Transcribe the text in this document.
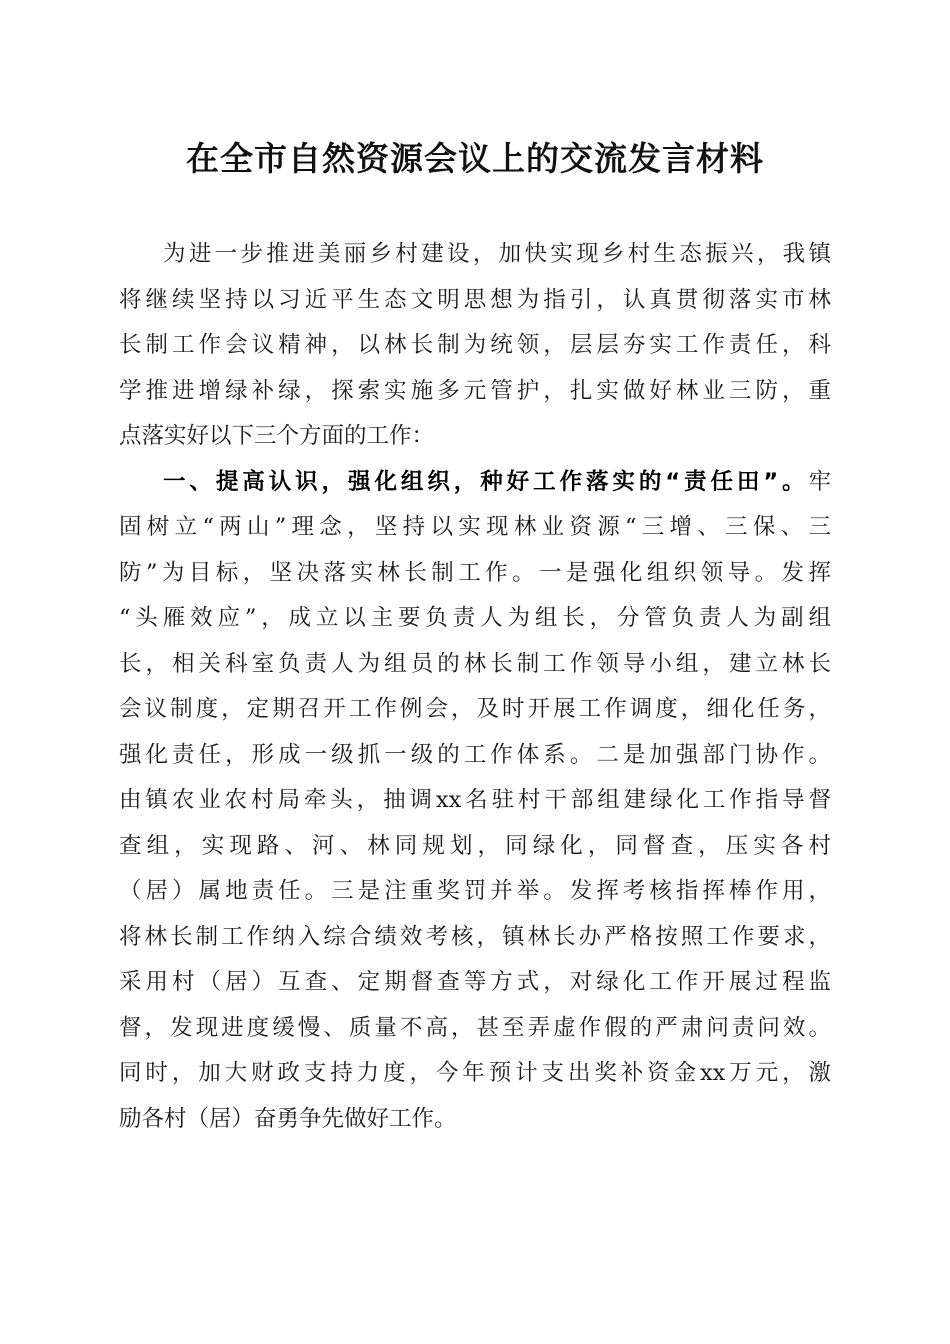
在全市自然资源会议上的交流发言材料
为进一步推进美丽乡村建设，加快实现乡村生态振兴，我镇
将继续坚持以习近平生态文明思想为指引，认真贯彻落实市林
长制工作会议精神，以林长制为统领，层层夯实工作责任，科
学推进增绿补绿，探索实施多元管护，扎实做好林业三防，重
点落实好以下三个方面的工作：
一、提高认识，强化组织，种好工作落实的“责任田”。牢
固树立“两山”理念，坚持以实现林业资源“三增、三保、三
防”为目标，坚决落实林长制工作。一是强化组织领导。发挥
“头雁效应”，成立以主要负责人为组长，分管负责人为副组
长，相关科室负责人为组员的林长制工作领导小组，建立林长
会议制度，定期召开工作例会，及时开展工作调度，细化任务，
强化责任，形成一级抓一级的工作体系。二是加强部门协作。
由镇农业农村局牵头，抽调xx名驻村干部组建绿化工作指导督
查组，实现路、河、林同规划，同绿化，同督查，压实各村
（居）属地责任。三是注重奖罚并举。发挥考核指挥棒作用，
将林长制工作纳入综合绩效考核，镇林长办严格按照工作要求，
采用村（居）互查、定期督查等方式，对绿化工作开展过程监
督，发现进度缓慢、质量不高，甚至弄虚作假的严肃问责问效。
同时，加大财政支持力度，今年预计支出奖补资金xx万元，激
励各村（居）奋勇争先做好工作。
